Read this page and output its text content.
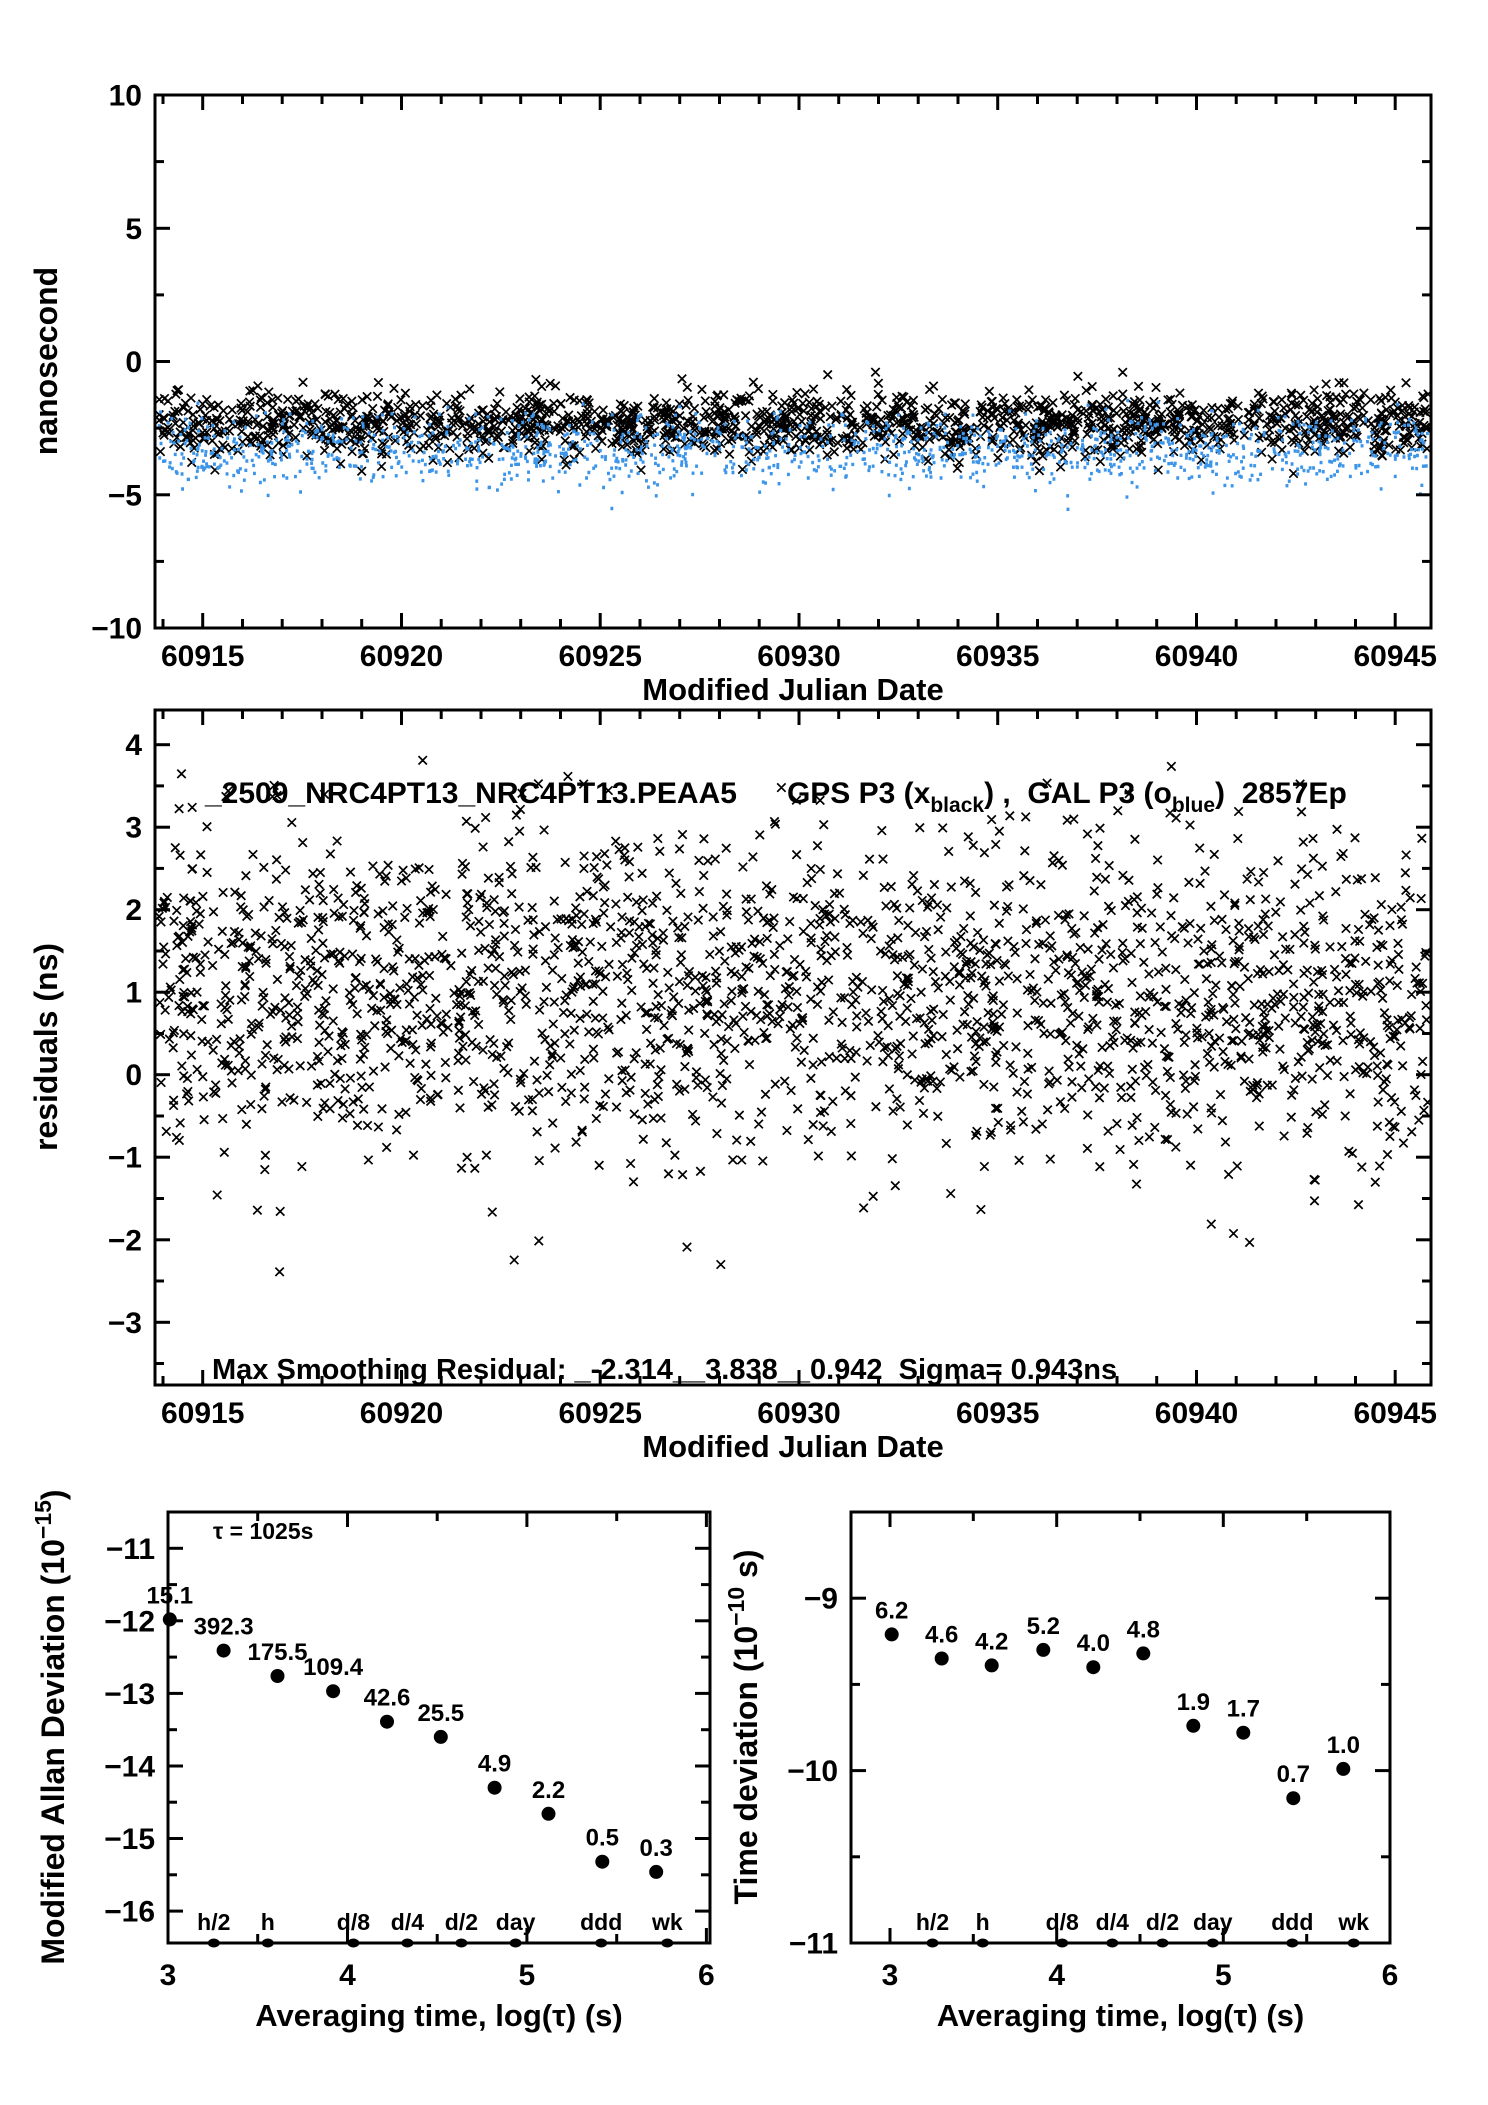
60915	60920	60925	60930	60935	60940	60945
10
5
0
−5
−10
Modified Julian Date
nanosecond
_2509_NRC4PT13_NRC4PT13.PEAA5      GPS P3 $(x_{black})$ ,  GAL P3 $(o_{blue})$  2857Ep
60915	60920	60925	60930	60935	60940	60945
4
3
2
1
0
−1
−2
−3
Modified Julian Date
residuals (ns)
Max Smoothing Residual: _-2.314__3.838__0.942  Sigma= 0.943ns
15.1
392.3
175.5
109.4
42.6
25.5
4.9
2.2
0.5 0.3
h/2 h	d/8 d/4 d/2 day ddd wk
3	4	5	6
−11
−12
−13
−14
−15
−16
Averaging time, log(τ) (s)
Modified Allan Deviation $(10^{-15})$
τ = 1025s
6.2
4.6 4.2
5.2
4.0
4.8
1.9 1.7
0.7
1.0
h/2 h d/8 d/4 d/2 day ddd wk
3	4	5	6
−9
−10
−11
Averaging time, log(τ) (s)
Time deviation ($10^{-10}$ s)
